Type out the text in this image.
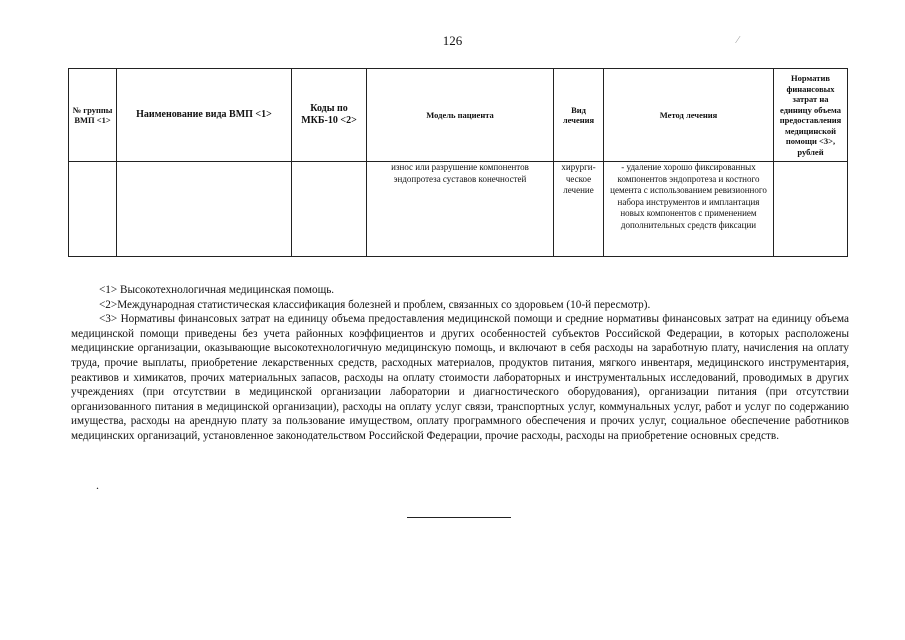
126	⁄
№ группы ВМП <1>	Наименование вида ВМП <1>	Коды по МКБ-10 <2>	Модель пациента	Вид лечения	Метод лечения	Норматив финансовых затрат на единицу объема предоставления медицинской помощи <3>, рублей
			износ или разрушение компонентов эндопротеза суставов конечностей	хирурги-ческое лечение	- удаление хорошо фиксированных компонентов эндопротеза и костного цемента с использованием ревизионного набора инструментов и имплантация новых компонентов с применением дополнительных средств фиксации	

<1> Высокотехнологичная медицинская помощь.

<2>Международная статистическая классификация болезней и проблем, связанных со здоровьем (10-й пересмотр).

<3> Нормативы финансовых затрат на единицу объема предоставления медицинской помощи и средние нормативы финансовых затрат на единицу объема медицинской помощи приведены без учета районных коэффициентов и других особенностей субъектов Российской Федерации, в которых расположены медицинские организации, оказывающие высокотехнологичную медицинскую помощь, и включают в себя расходы на заработную плату, начисления на оплату труда, прочие выплаты, приобретение лекарственных средств, расходных материалов, продуктов питания, мягкого инвентаря, медицинского инструментария, реактивов и химикатов, прочих материальных запасов, расходы на оплату стоимости лабораторных и инструментальных исследований, проводимых в других учреждениях (при отсутствии в медицинской организации лаборатории и диагностического оборудования), организации питания (при отсутствии организованного питания в медицинской организации), расходы на оплату услуг связи, транспортных услуг, коммунальных услуг, работ и услуг по содержанию имущества, расходы на арендную плату за пользование имуществом, оплату программного обеспечения и прочих услуг, социальное обеспечение работников медицинских организаций, установленное законодательством Российской Федерации, прочие расходы, расходы на приобретение основных средств.

.
